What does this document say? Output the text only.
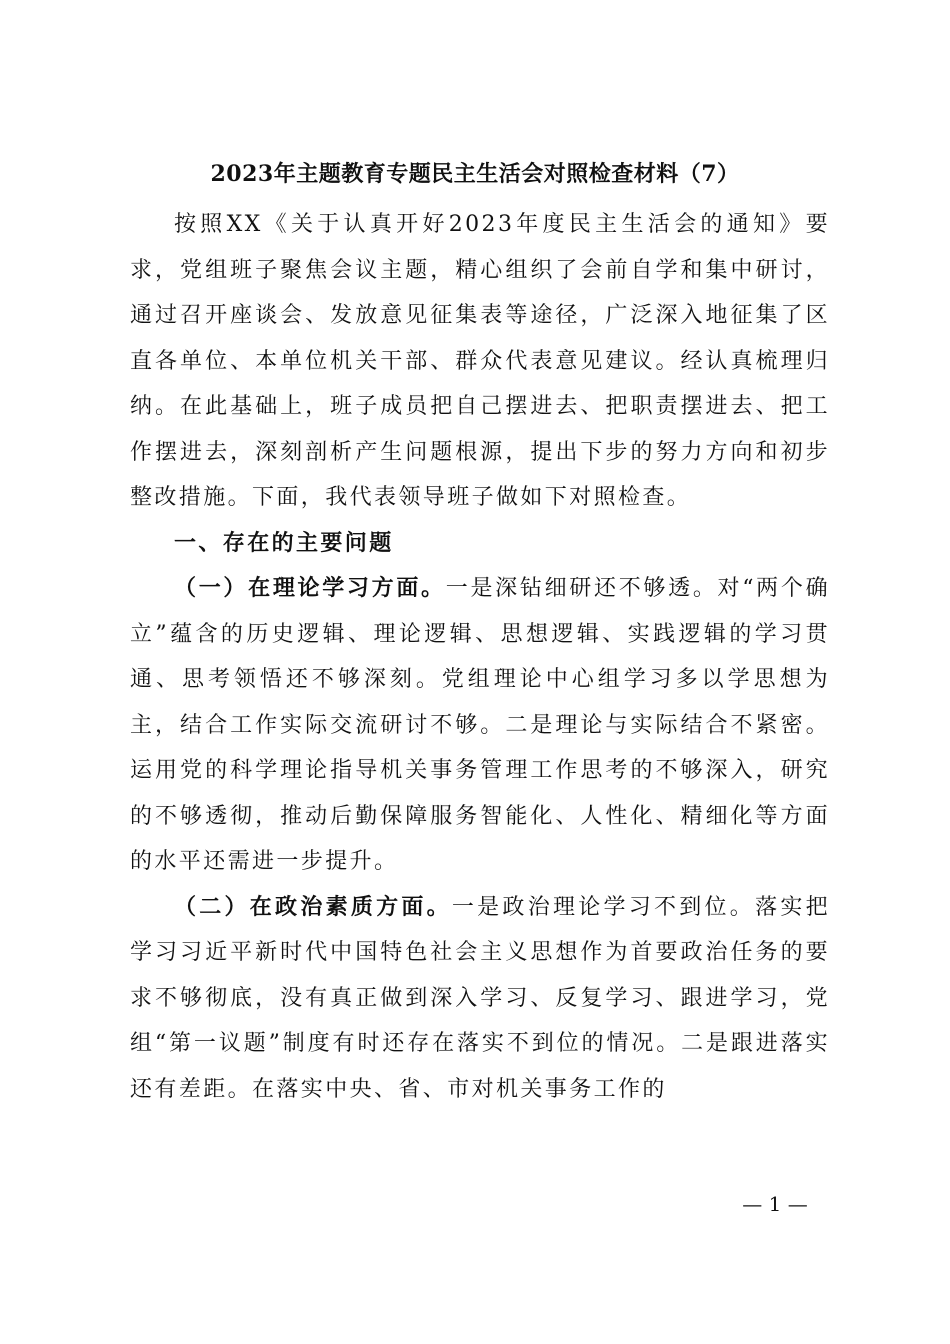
2023年主题教育专题民主生活会对照检查材料（7）

按照XX《关于认真开好2023年度民主生活会的通知》要求，党组班子聚焦会议主题，精心组织了会前自学和集中研讨，通过召开座谈会、发放意见征集表等途径，广泛深入地征集了区直各单位、本单位机关干部、群众代表意见建议。经认真梳理归纳。在此基础上，班子成员把自己摆进去、把职责摆进去、把工作摆进去，深刻剖析产生问题根源，提出下步的努力方向和初步整改措施。下面，我代表领导班子做如下对照检查。

一、存在的主要问题

（一）在理论学习方面。一是深钻细研还不够透。对“两个确立”蕴含的历史逻辑、理论逻辑、思想逻辑、实践逻辑的学习贯通、思考领悟还不够深刻。党组理论中心组学习多以学思想为主，结合工作实际交流研讨不够。二是理论与实际结合不紧密。运用党的科学理论指导机关事务管理工作思考的不够深入，研究的不够透彻，推动后勤保障服务智能化、人性化、精细化等方面的水平还需进一步提升。

（二）在政治素质方面。一是政治理论学习不到位。落实把学习习近平新时代中国特色社会主义思想作为首要政治任务的要求不够彻底，没有真正做到深入学习、反复学习、跟进学习，党组“第一议题”制度有时还存在落实不到位的情况。二是跟进落实还有差距。在落实中央、省、市对机关事务工作的

— 1 —
